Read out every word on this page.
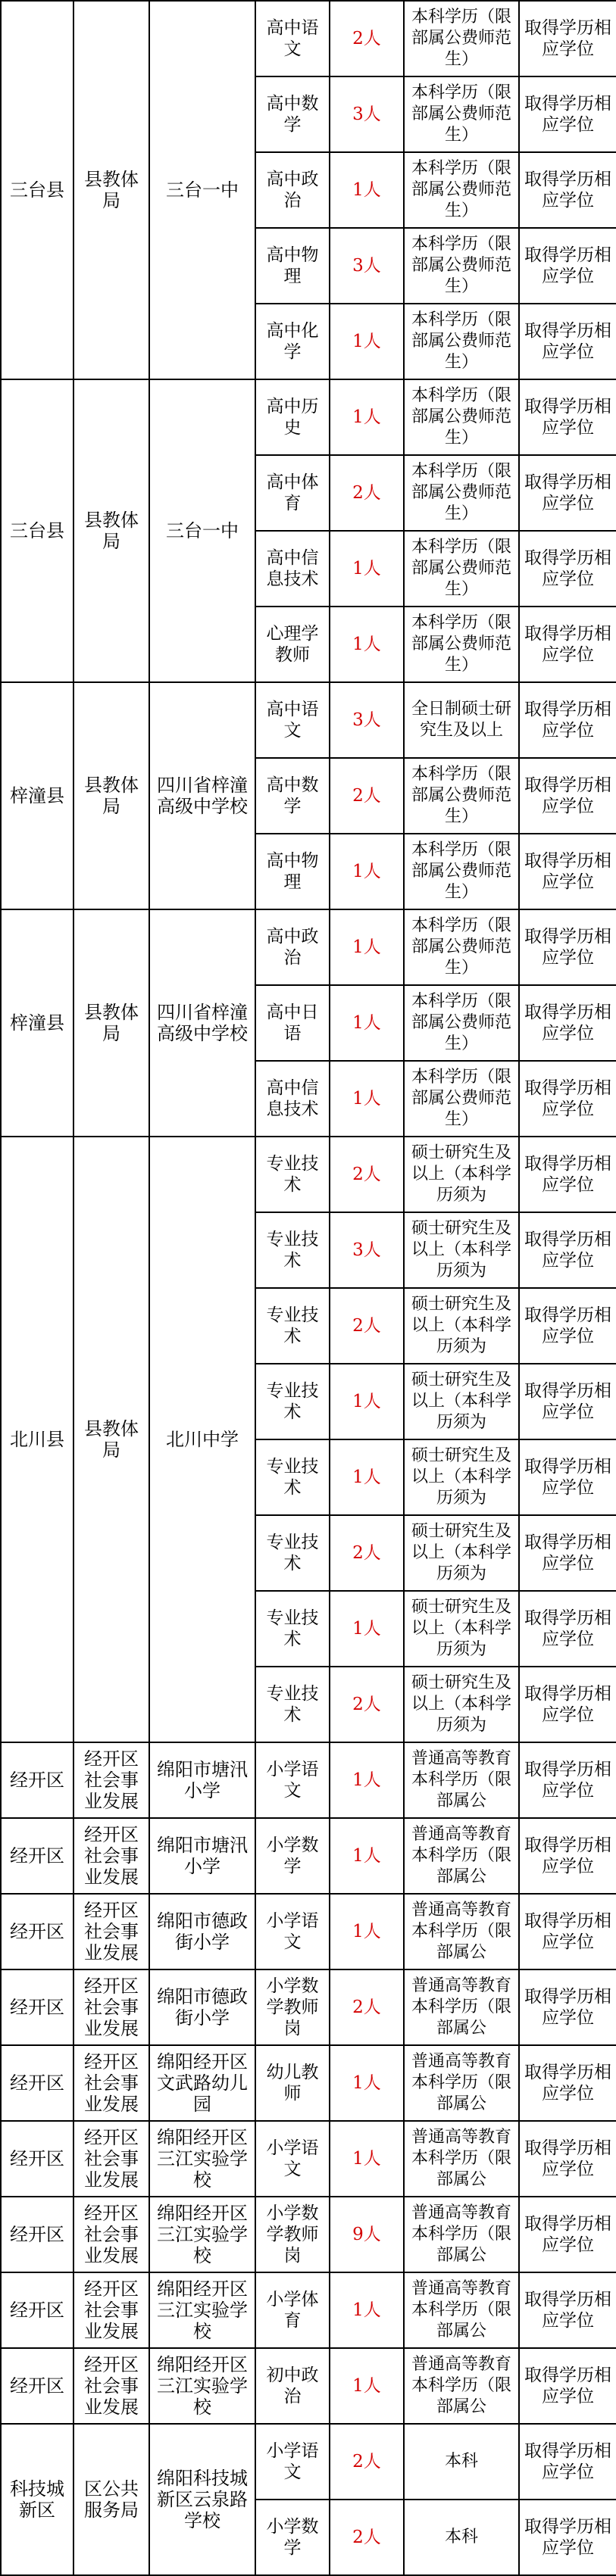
三台县	县教体局	三台一中	高中语文	2人	本科学历（限部属公费师范生）	取得学历相应学位
			高中数学	3人	本科学历（限部属公费师范生）	取得学历相应学位
			高中政治	1人	本科学历（限部属公费师范生）	取得学历相应学位
			高中物理	3人	本科学历（限部属公费师范生）	取得学历相应学位
			高中化学	1人	本科学历（限部属公费师范生）	取得学历相应学位
三台县	县教体局	三台一中	高中历史	1人	本科学历（限部属公费师范生）	取得学历相应学位
			高中体育	2人	本科学历（限部属公费师范生）	取得学历相应学位
			高中信息技术	1人	本科学历（限部属公费师范生）	取得学历相应学位
			心理学教师	1人	本科学历（限部属公费师范生）	取得学历相应学位
梓潼县	县教体局	四川省梓潼高级中学校	高中语文	3人	全日制硕士研究生及以上	取得学历相应学位
			高中数学	2人	本科学历（限部属公费师范生）	取得学历相应学位
			高中物理	1人	本科学历（限部属公费师范生）	取得学历相应学位
梓潼县	县教体局	四川省梓潼高级中学校	高中政治	1人	本科学历（限部属公费师范生）	取得学历相应学位
			高中日语	1人	本科学历（限部属公费师范生）	取得学历相应学位
			高中信息技术	1人	本科学历（限部属公费师范生）	取得学历相应学位
北川县	县教体局	北川中学	专业技术	2人	硕士研究生及以上（本科学历须为	取得学历相应学位
			专业技术	3人	硕士研究生及以上（本科学历须为	取得学历相应学位
			专业技术	2人	硕士研究生及以上（本科学历须为	取得学历相应学位
			专业技术	1人	硕士研究生及以上（本科学历须为	取得学历相应学位
			专业技术	1人	硕士研究生及以上（本科学历须为	取得学历相应学位
			专业技术	2人	硕士研究生及以上（本科学历须为	取得学历相应学位
			专业技术	1人	硕士研究生及以上（本科学历须为	取得学历相应学位
			专业技术	2人	硕士研究生及以上（本科学历须为	取得学历相应学位
经开区	经开区社会事业发展	绵阳市塘汛小学	小学语文	1人	普通高等教育本科学历（限部属公	取得学历相应学位
经开区	经开区社会事业发展	绵阳市塘汛小学	小学数学	1人	普通高等教育本科学历（限部属公	取得学历相应学位
经开区	经开区社会事业发展	绵阳市德政街小学	小学语文	1人	普通高等教育本科学历（限部属公	取得学历相应学位
经开区	经开区社会事业发展	绵阳市德政街小学	小学数学教师岗	2人	普通高等教育本科学历（限部属公	取得学历相应学位
经开区	经开区社会事业发展	绵阳经开区文武路幼儿园	幼儿教师	1人	普通高等教育本科学历（限部属公	取得学历相应学位
经开区	经开区社会事业发展	绵阳经开区三江实验学校	小学语文	1人	普通高等教育本科学历（限部属公	取得学历相应学位
经开区	经开区社会事业发展	绵阳经开区三江实验学校	小学数学教师岗	9人	普通高等教育本科学历（限部属公	取得学历相应学位
经开区	经开区社会事业发展	绵阳经开区三江实验学校	小学体育	1人	普通高等教育本科学历（限部属公	取得学历相应学位
经开区	经开区社会事业发展	绵阳经开区三江实验学校	初中政治	1人	普通高等教育本科学历（限部属公	取得学历相应学位
科技城新区	区公共服务局	绵阳科技城新区云泉路学校	小学语文	2人	本科	取得学历相应学位
			小学数学	2人	本科	取得学历相应学位
